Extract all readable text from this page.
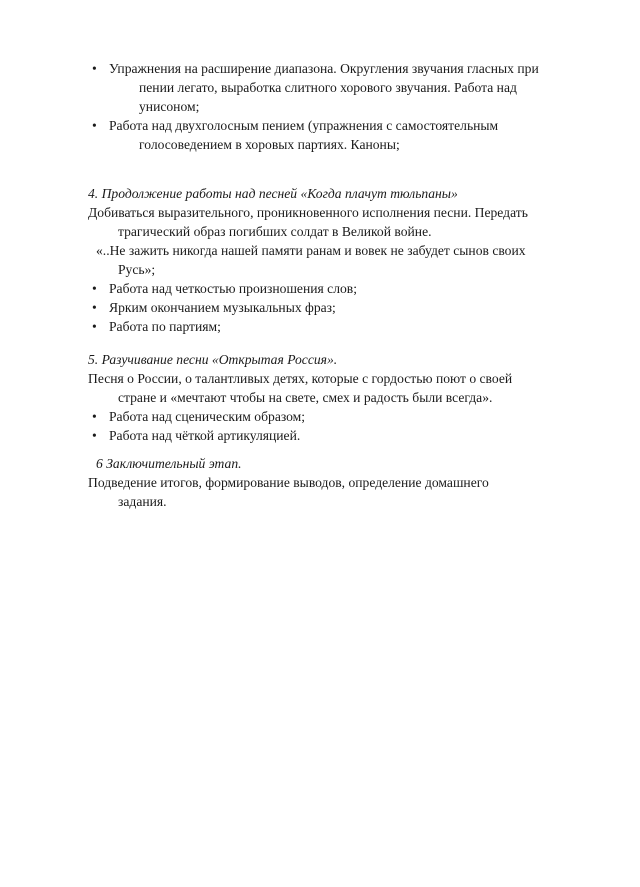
• Упражнения на расширение диапазона. Округления звучания гласных при
пении легато, выработка слитного хорового звучания. Работа над
унисоном;
• Работа над двухголосным пением (упражнения с самостоятельным
голосоведением в хоровых партиях. Каноны;
4. Продолжение работы над песней «Когда плачут тюльпаны»
Добиваться выразительного, проникновенного исполнения песни. Передать
трагический образ погибших солдат в Великой войне.
«..Не зажить никогда нашей памяти ранам и вовек не забудет сынов своих
Русь»;
• Работа над четкостью произношения слов;
• Ярким окончанием музыкальных фраз;
• Работа по партиям;
5. Разучивание песни «Открытая Россия».
Песня о России, о талантливых детях, которые с гордостью поют о своей
стране и «мечтают чтобы на свете, смех и радость были всегда».
• Работа над сценическим образом;
• Работа над чёткой артикуляцией.
6 Заключительный этап.
Подведение итогов, формирование выводов, определение домашнего
задания.
